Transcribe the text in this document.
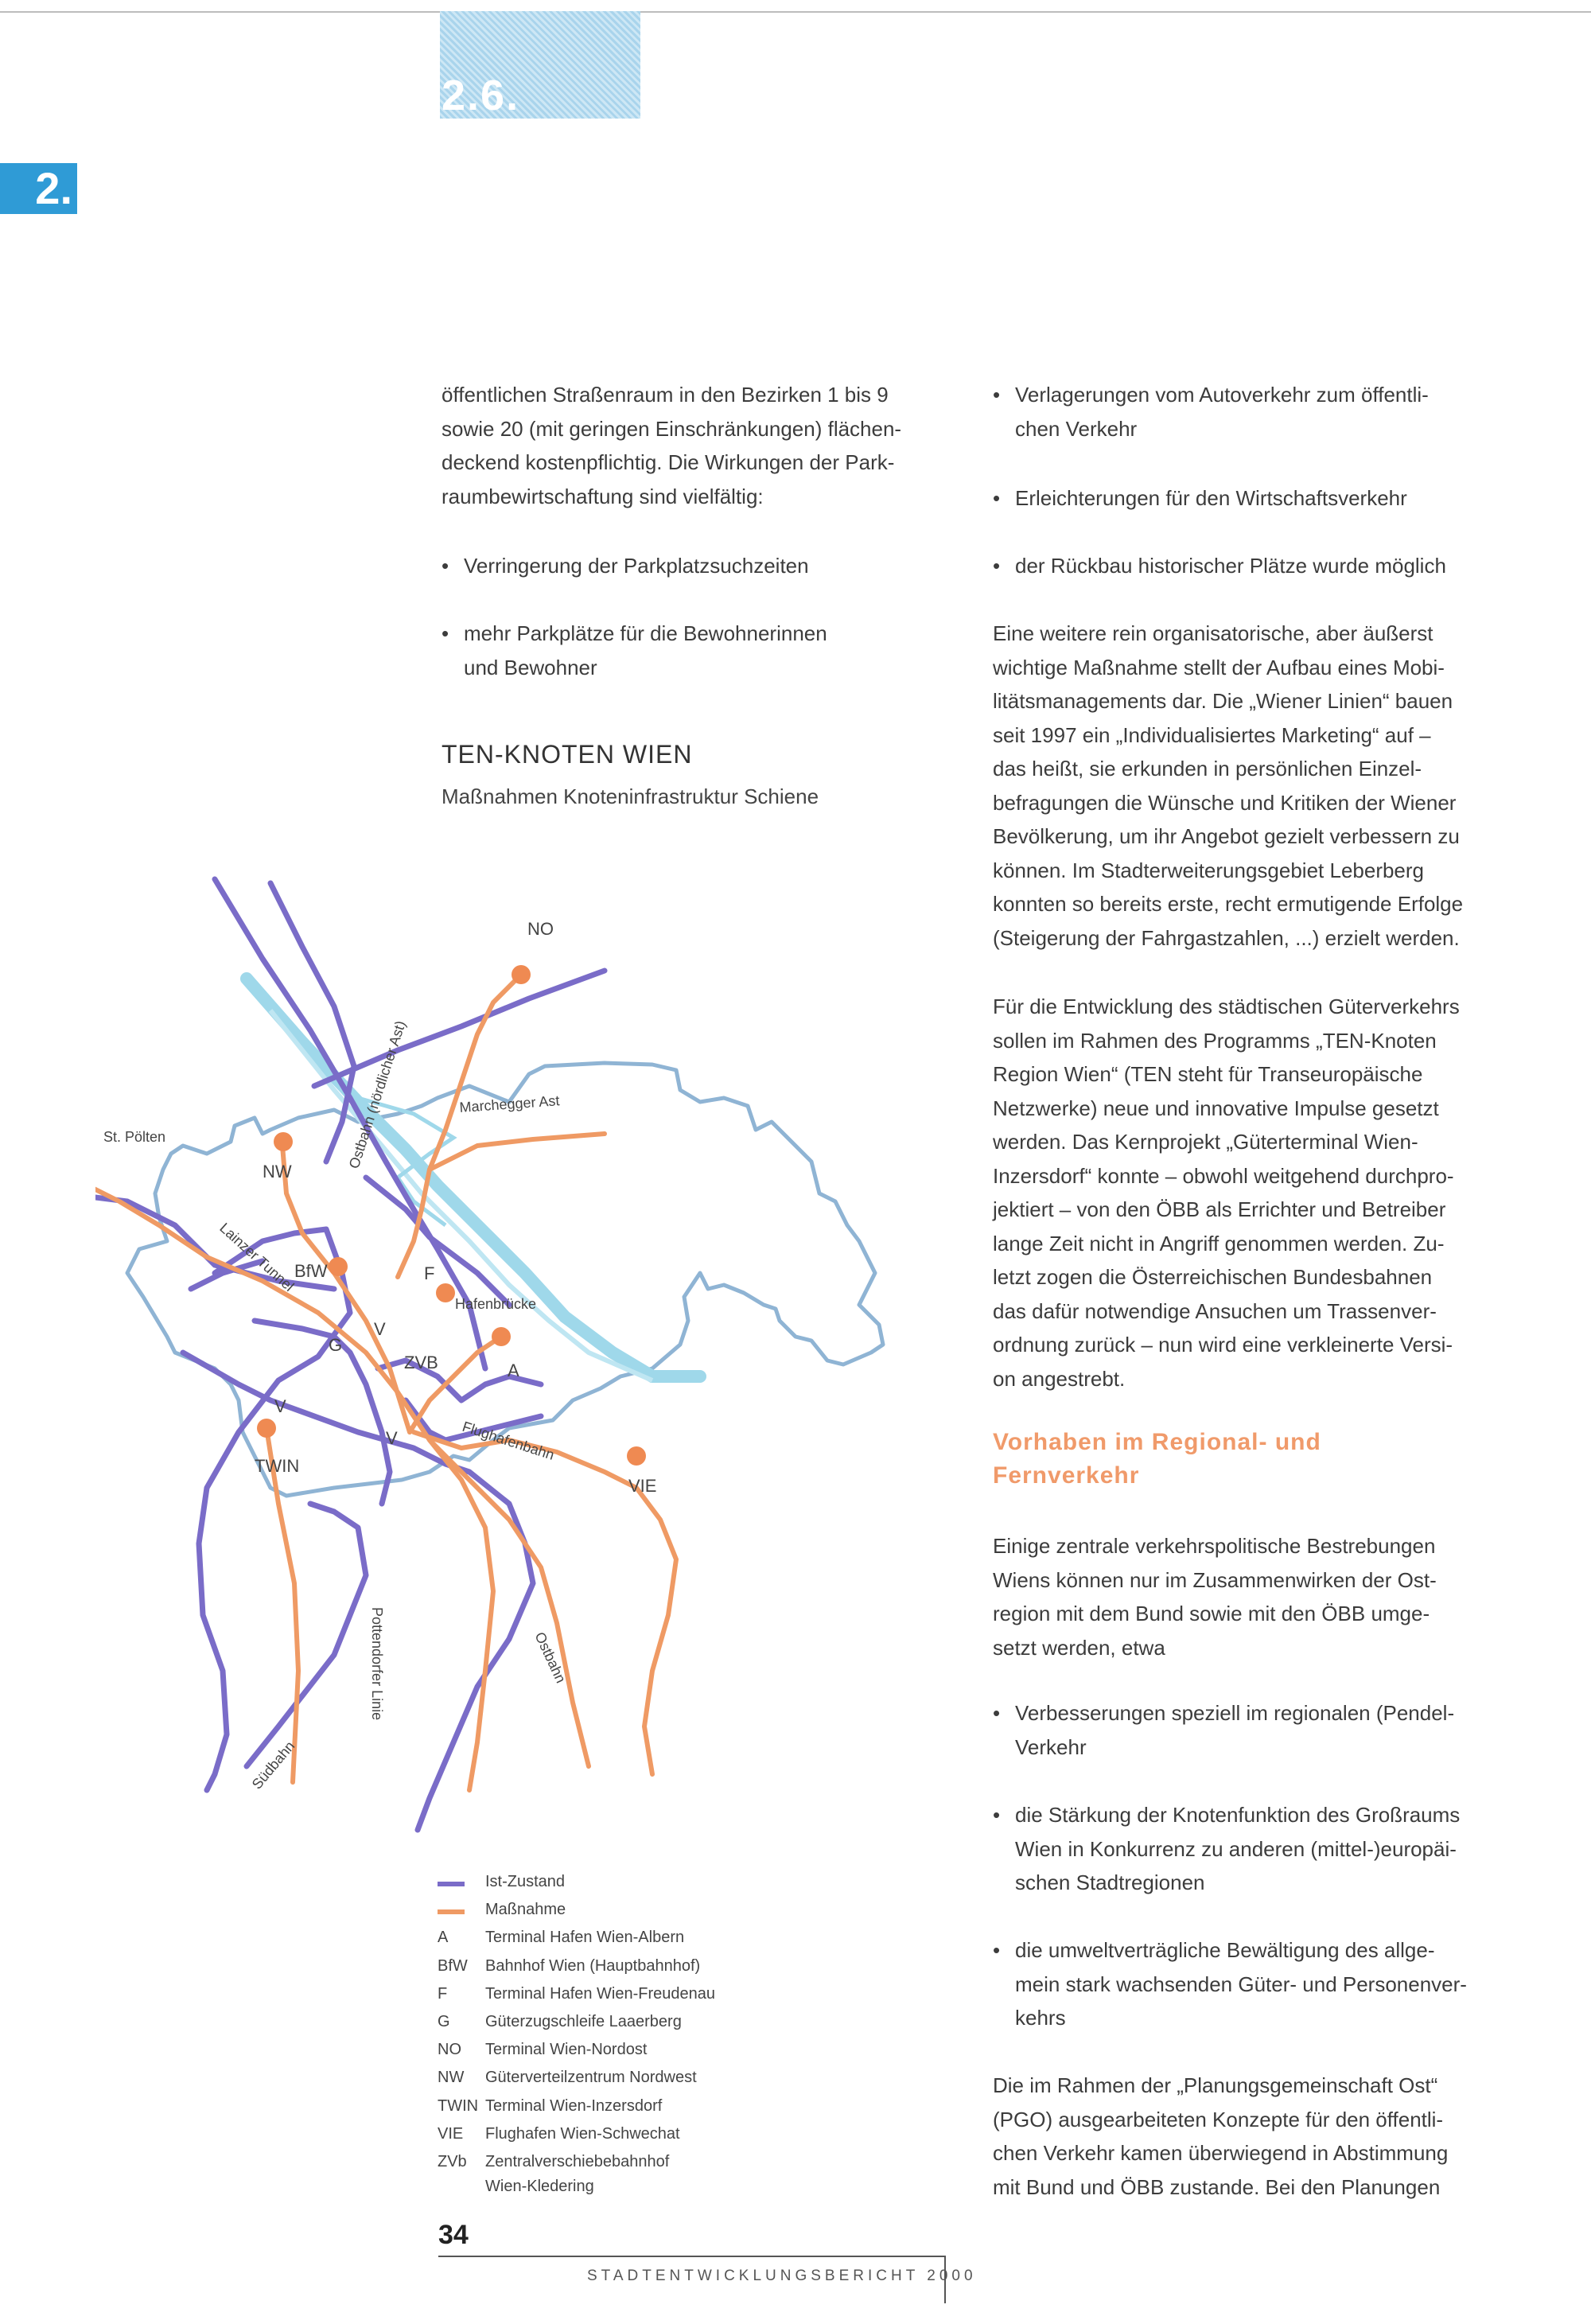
2.6.
2.

öffentlichen Straßenraum in den Bezirken 1 bis 9

sowie 20 (mit geringen Einschränkungen) flächen-

deckend kostenpflichtig. Die Wirkungen der Park-

raumbewirtschaftung sind vielfältig:

• Verringerung der Parkplatzsuchzeiten
• mehr Parkplätze für die Bewohnerinnen
und Bewohner
TEN-KNOTEN WIEN
Maßnahmen Knoteninfrastruktur Schiene
NO
NW
BfW	F
G
V
ZVB	A
V
V
TWIN
VIE
St. Pölten
Lainzer Tunnel
Ostbahn (nördlicher Ast)	Marchegger Ast
Hafenbrücke
Flughafenbahn
Ostbahn
Pottendorfer Linie
Südbahn
Ist-Zustand
Maßnahme
A	Terminal Hafen Wien-Albern
BfW	Bahnhof Wien (Hauptbahnhof)
F	Terminal Hafen Wien-Freudenau
G	Güterzugschleife Laaerberg
NO	Terminal Wien-Nordost
NW	Güterverteilzentrum Nordwest
TWIN Terminal Wien-Inzersdorf
VIE	Flughafen Wien-Schwechat
ZVb	Zentralverschiebebahnhof
Wien-Kledering
• Verlagerungen vom Autoverkehr zum öffentli-
chen Verkehr
• Erleichterungen für den Wirtschaftsverkehr
• der Rückbau historischer Plätze wurde möglich

Eine weitere rein organisatorische, aber äußerst

wichtige Maßnahme stellt der Aufbau eines Mobi-

litätsmanagements dar. Die „Wiener Linien“ bauen

seit 1997 ein „Individualisiertes Marketing“ auf –

das heißt, sie erkunden in persönlichen Einzel-

befragungen die Wünsche und Kritiken der Wiener

Bevölkerung, um ihr Angebot gezielt verbessern zu

können. Im Stadterweiterungsgebiet Leberberg

konnten so bereits erste, recht ermutigende Erfolge

(Steigerung der Fahrgastzahlen, ...) erzielt werden.

Für die Entwicklung des städtischen Güterverkehrs

sollen im Rahmen des Programms „TEN-Knoten

Region Wien“ (TEN steht für Transeuropäische

Netzwerke) neue und innovative Impulse gesetzt

werden. Das Kernprojekt „Güterterminal Wien-

Inzersdorf“ konnte – obwohl weitgehend durchpro-

jektiert – von den ÖBB als Errichter und Betreiber

lange Zeit nicht in Angriff genommen werden. Zu-

letzt zogen die Österreichischen Bundesbahnen

das dafür notwendige Ansuchen um Trassenver-

ordnung zurück – nun wird eine verkleinerte Versi-

on angestrebt.

Vorhaben im Regional- und
Fernverkehr

Einige zentrale verkehrspolitische Bestrebungen

Wiens können nur im Zusammenwirken der Ost-

region mit dem Bund sowie mit den ÖBB umge-

setzt werden, etwa

• Verbesserungen speziell im regionalen (Pendel-
Verkehr
• die Stärkung der Knotenfunktion des Großraums
Wien in Konkurrenz zu anderen (mittel-)europäi-
schen Stadtregionen
• die umweltverträgliche Bewältigung des allge-
mein stark wachsenden Güter- und Personenver-
kehrs

Die im Rahmen der „Planungsgemeinschaft Ost“

(PGO) ausgearbeiteten Konzepte für den öffentli-

chen Verkehr kamen überwiegend in Abstimmung

mit Bund und ÖBB zustande. Bei den Planungen

34
STADTENTWICKLUNGSBERICHT 2000
